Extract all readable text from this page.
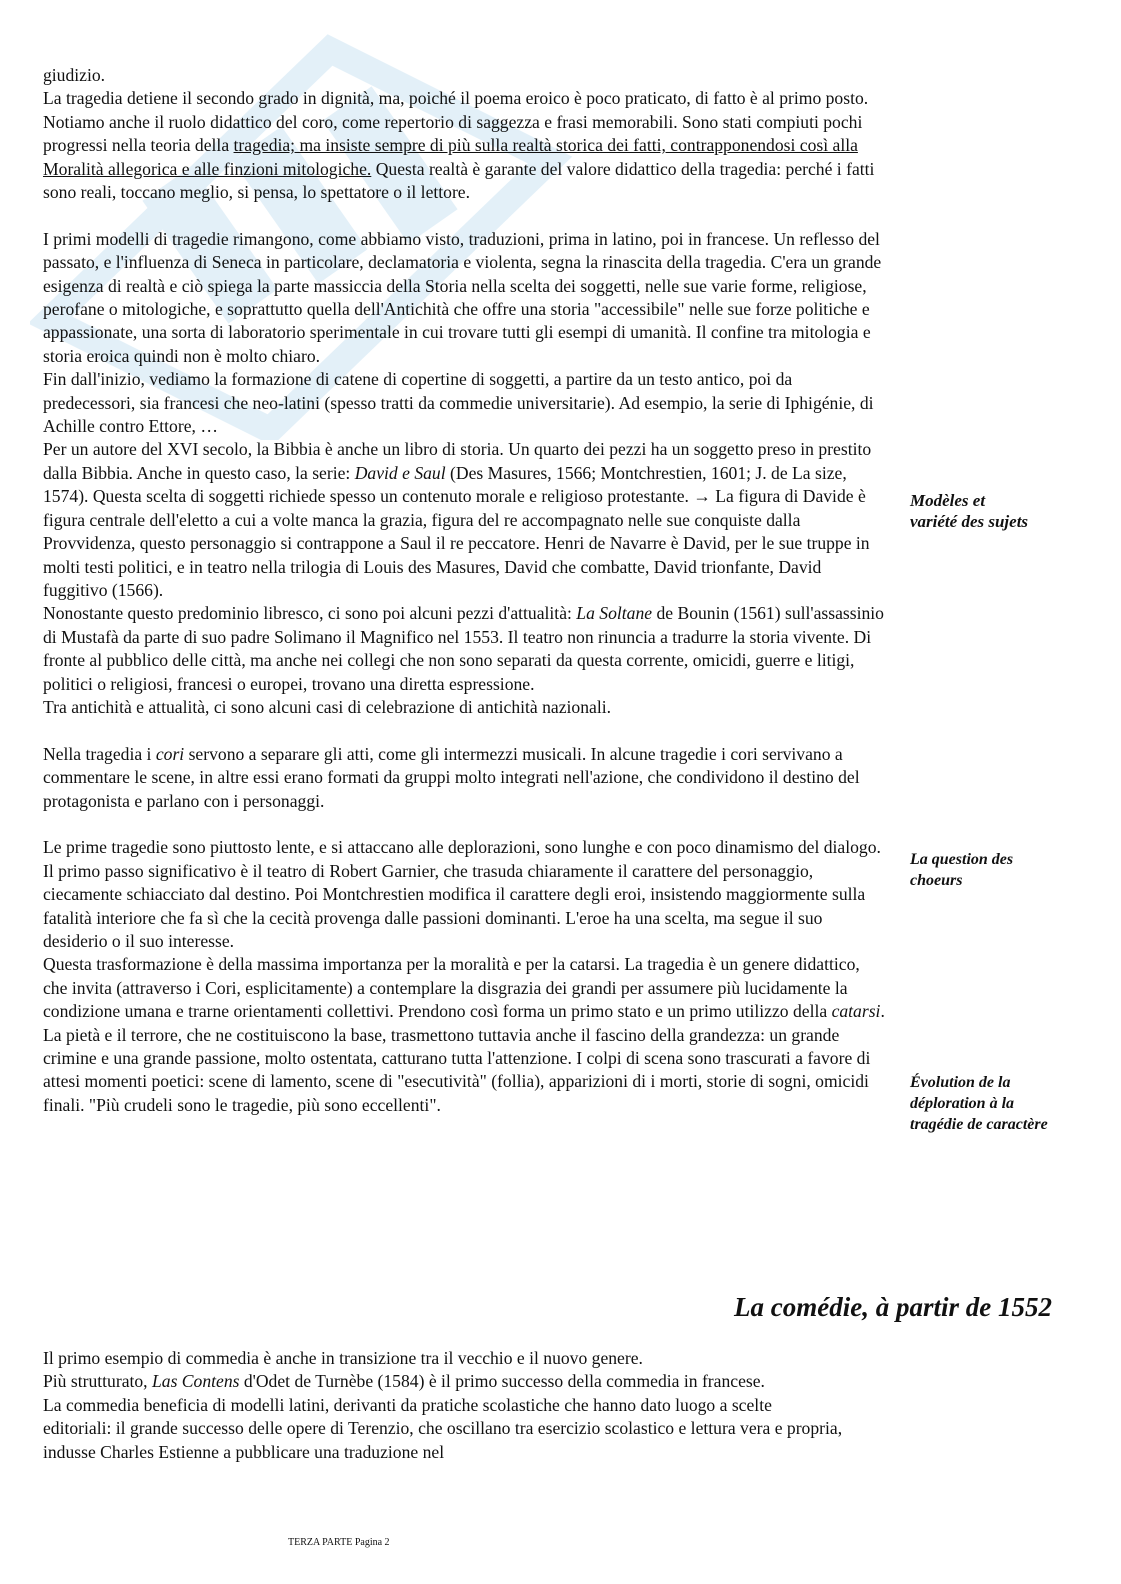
giudizio.

La tragedia detiene il secondo grado in dignità, ma, poiché il poema eroico è poco praticato, di fatto è al primo posto. Notiamo anche il ruolo didattico del coro, come repertorio di saggezza e frasi memorabili. Sono stati compiuti pochi progressi nella teoria della tragedia; ma insiste sempre di più sulla realtà storica dei fatti, contrapponendosi così alla Moralità allegorica e alle finzioni mitologiche. Questa realtà è garante del valore didattico della tragedia: perché i fatti sono reali, toccano meglio, si pensa, lo spettatore o il lettore.

I primi modelli di tragedie rimangono, come abbiamo visto, traduzioni, prima in latino, poi in francese. Un reflesso del passato, e l'influenza di Seneca in particolare, declamatoria e violenta, segna la rinascita della tragedia. C'era un grande esigenza di realtà e ciò spiega la parte massiccia della Storia nella scelta dei soggetti, nelle sue varie forme, religiose, perofane o mitologiche, e soprattutto quella dell'Antichità che offre una storia "accessibile" nelle sue forze politiche e appassionate, una sorta di laboratorio sperimentale in cui trovare tutti gli esempi di umanità. Il confine tra mitologia e storia eroica quindi non è molto chiaro.

Fin dall'inizio, vediamo la formazione di catene di copertine di soggetti, a partire da un testo antico, poi da predecessori, sia francesi che neo-latini (spesso tratti da commedie universitarie). Ad esempio, la serie di Iphigénie, di Achille contro Ettore, …

Per un autore del XVI secolo, la Bibbia è anche un libro di storia. Un quarto dei pezzi ha un soggetto preso in prestito dalla Bibbia. Anche in questo caso, la serie: David e Saul (Des Masures, 1566; Montchrestien, 1601; J. de La size, 1574). Questa scelta di soggetti richiede spesso un contenuto morale e religioso protestante. → La figura di Davide è figura centrale dell'eletto a cui a volte manca la grazia, figura del re accompagnato nelle sue conquiste dalla Provvidenza, questo personaggio si contrappone a Saul il re peccatore. Henri de Navarre è David, per le sue truppe in molti testi politici, e in teatro nella trilogia di Louis des Masures, David che combatte, David trionfante, David fuggitivo (1566).

Nonostante questo predominio libresco, ci sono poi alcuni pezzi d'attualità: La Soltane de Bounin (1561) sull'assassinio di Mustafà da parte di suo padre Solimano il Magnifico nel 1553. Il teatro non rinuncia a tradurre la storia vivente. Di fronte al pubblico delle città, ma anche nei collegi che non sono separati da questa corrente, omicidi, guerre e litigi, politici o religiosi, francesi o europei, trovano una diretta espressione.

Tra antichità e attualità, ci sono alcuni casi di celebrazione di antichità nazionali.

Nella tragedia i cori servono a separare gli atti, come gli intermezzi musicali. In alcune tragedie i cori servivano a commentare le scene, in altre essi erano formati da gruppi molto integrati nell'azione, che condividono il destino del protagonista e parlano con i personaggi.

Le prime tragedie sono piuttosto lente, e si attaccano alle deplorazioni, sono lunghe e con poco dinamismo del dialogo.

Il primo passo significativo è il teatro di Robert Garnier, che trasuda chiaramente il carattere del personaggio, ciecamente schiacciato dal destino. Poi Montchrestien modifica il carattere degli eroi, insistendo maggiormente sulla fatalità interiore che fa sì che la cecità provenga dalle passioni dominanti. L'eroe ha una scelta, ma segue il suo desiderio o il suo interesse.

Questa trasformazione è della massima importanza per la moralità e per la catarsi. La tragedia è un genere didattico, che invita (attraverso i Cori, esplicitamente) a contemplare la disgrazia dei grandi per assumere più lucidamente la condizione umana e trarne orientamenti collettivi. Prendono così forma un primo stato e un primo utilizzo della catarsi. La pietà e il terrore, che ne costituiscono la base, trasmettono tuttavia anche il fascino della grandezza: un grande crimine e una grande passione, molto ostentata, catturano tutta l'attenzione. I colpi di scena sono trascurati a favore di attesi momenti poetici: scene di lamento, scene di "esecutività" (follia), apparizioni di i morti, storie di sogni, omicidi finali. "Più crudeli sono le tragedie, più sono eccellenti".

Modèles et
variété des sujets
La question des
choeurs
Évolution de la
déploration à la
tragédie de caractère
La comédie, à partir de 1552

Il primo esempio di commedia è anche in transizione tra il vecchio e il nuovo genere.

Più strutturato, Las Contens d'Odet de Turnèbe (1584) è il primo successo della commedia in francese.

La commedia beneficia di modelli latini, derivanti da pratiche scolastiche che hanno dato luogo a scelte editoriali: il grande successo delle opere di Terenzio, che oscillano tra esercizio scolastico e lettura vera e propria, indusse Charles Estienne a pubblicare una traduzione nel

TERZA PARTE Pagina 2
